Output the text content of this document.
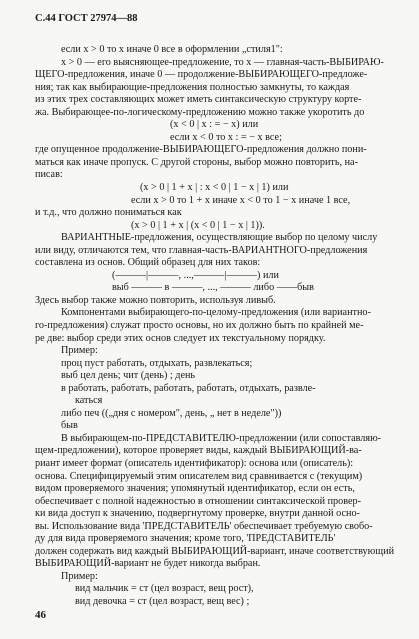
С.44 ГОСТ 27974—88
если x > 0 то x иначе 0 все в оформлении „стиля1":
x > 0 — его выясняющее-предложение, то x — главная-часть-ВЫБИРАЮ-
ЩЕГО-предложения, иначе 0 — продолжение-ВЫБИРАЮЩЕГО-предложе-
ния; так как выбирающие-предложения полностью замкнуты, то каждая
из этих трех составляющих может иметь синтаксическую структуру корте-
жа. Выбирающее-по-логическому-предложению можно также укоротить до
(x < 0 | x : = − x) или
если x < 0 то x : = − x все;
где опущенное продолжение-ВЫБИРАЮЩЕГО-предложения должно пони-
маться как иначе пропуск. С другой стороны, выбор можно повторить, на-
писав:
(x > 0 | 1 + x | : x < 0 | 1 − x | 1) или
если x > 0 то 1 + x иначе x < 0 то 1 − x иначе 1 все,
и т.д., что должно пониматься как
(x > 0 | 1 + x | (x < 0 | 1 − x | 1)).
ВАРИАНТНЫЕ-предложения, осуществляющие выбор по целому числу
или виду, отличаются тем, что главная-часть-ВАРИАНТНОГО-предложения
составлена из основ. Общий образец для них таков:
(———|———, ...,———|———) или
выб ——— в ———, ..., ——— либо ——быв
Здесь выбор также можно повторить, используя ливыб.
Компонентами выбирающего-по-целому-предложения (или вариантно-
го-предложения) служат просто основы, но их должно быть по крайней ме-
ре две: выбор среди этих основ следует их текстуальному порядку.
Пример:
проц пуст работать, отдыхать, развлекаться;
выб цел день; чит (день) ; день
в работать, работать, работать, работать, отдыхать, развле-
каться
либо печ ((„дня с номером", день, „ нет в неделе"))
быв
В выбирающем-по-ПРЕДСТАВИТЕЛЮ-предложении (или сопоставляю-
щем-предложении), которое проверяет виды, каждый ВЫБИРАЮЩИЙ-ва-
риант имеет формат (описатель идентификатор): основа или (описатель):
основа. Специфицируемый этим описателем вид сравнивается с (текущим)
видом проверяемого значения; упомянутый идентификатор, если он есть,
обеспечивает с полной надежностью в отношении синтаксической провер-
ки вида доступ к значению, подвергнутому проверке, внутри данной осно-
вы. Использование вида 'ПРЕДСТАВИТЕЛЬ' обеспечивает требуемую свобо-
ду для вида проверяемого значения; кроме того, 'ПРЕДСТАВИТЕЛЬ'
должен содержать вид каждый ВЫБИРАЮЩИЙ-вариант, иначе соответствующий
ВЫБИРАЮЩИЙ-вариант не будет никогда выбран.
Пример:
вид мальчик = ст (цел возраст, вещ рост),
вид девочка = ст (цел возраст, вещ вес) ;
46
